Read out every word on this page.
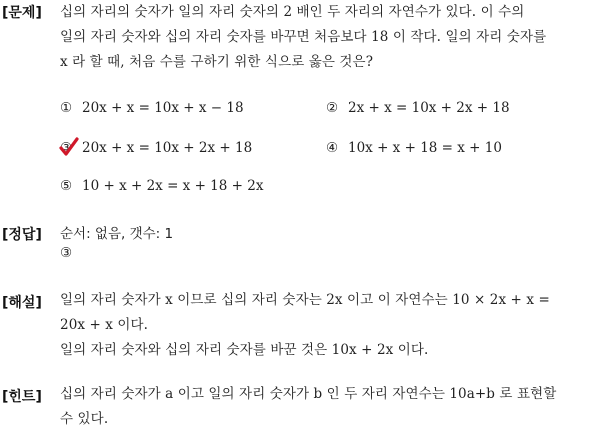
[문제] 십의 자리의 숫자가 일의 자리 숫자의 2 배인 두 자리의 자연수가 있다. 이 수의
일의 자리 숫자와 십의 자리 숫자를 바꾸면 처음보다 18 이 작다. 일의 자리 숫자를
x 라 할 때, 처음 수를 구하기 위한 식으로 옳은 것은?
① 20x + x = 10x + x − 18	② 2x + x = 10x + 2x + 18
③ 20x + x = 10x + 2x + 18	④ 10x + x + 18 = x + 10
⑤ 10 + x + 2x = x + 18 + 2x
[정답] 순서: 없음, 갯수: 1
③
[해설] 일의 자리 숫자가 x 이므로 십의 자리 숫자는 2x 이고 이 자연수는 10 × 2x + x =
20x + x 이다.
일의 자리 숫자와 십의 자리 숫자를 바꾼 것은 10x + 2x 이다.
[힌트] 십의 자리 숫자가 a 이고 일의 자리 숫자가 b 인 두 자리 자연수는 10a+b 로 표현할
수 있다.
